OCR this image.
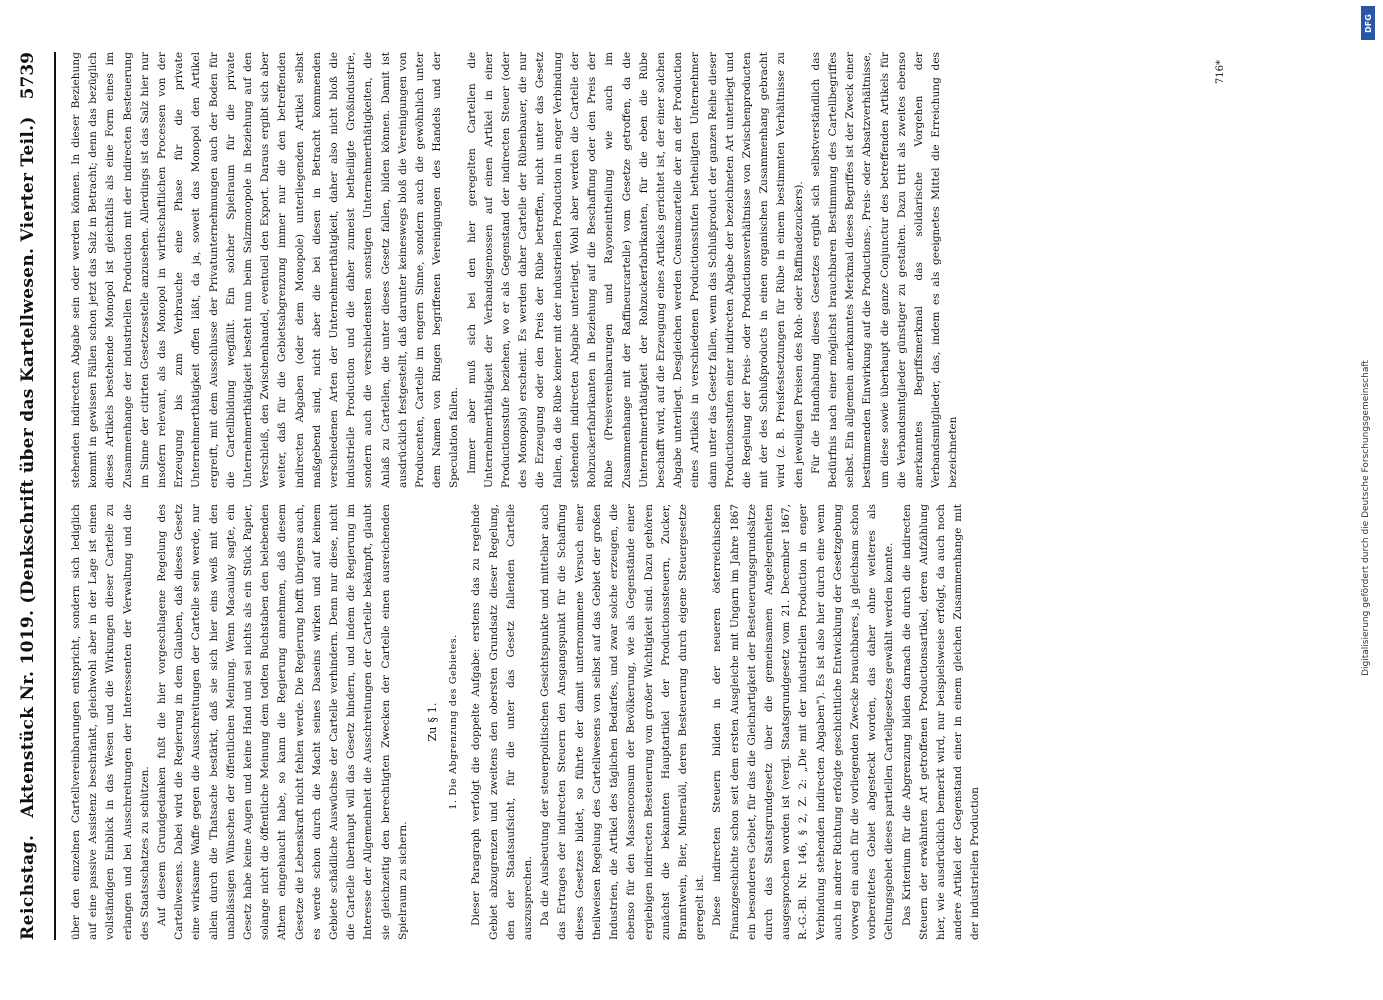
Reichstag.
Aktenstück Nr. 1019. (Denkschrift über das Kartellwesen. Vierter Teil.)
5739

über den einzelnen Cartellvereinbarungen entspricht, sondern sich lediglich auf eine passive Assistenz beschränkt, gleichwohl aber in der Lage ist einen vollständigen Einblick in das Wesen und die Wirkungen dieser Cartelle zu erlangen und bei Ausschreitungen der Interessenten der Verwaltung und die des Staatsschatzes zu schützen. Auf diesem Grundgedanken fußt die hier vorgeschlagene Regelung des Cartellwesens. Dabei wird die Regierung in dem Glauben, daß dieses Gesetz eine wirksame Waffe gegen die Ausschreitungen der Cartelle sein werde, nur allein durch die Thatsache bestärkt, daß sie sich hier eins weiß mit den unablässigen Wünschen der öffentlichen Meinung. Wenn Macaulay sagte, ein Gesetz habe keine Augen und keine Hand und sei nichts als ein Stück Papier, solange nicht die öffentliche Meinung dem todten Buchstaben den belebenden Athem eingehaucht habe, so kann die Regierung annehmen, daß diesem Gesetze die Lebenskraft nicht fehlen werde. Die Regierung hofft übrigens auch, es werde schon durch die Macht seines Daseins wirken und auf keinem Gebiete schädliche Auswüchse der Cartelle verhindern. Denn nur diese, nicht die Cartelle überhaupt will das Gesetz hindern, und indem die Regierung im Interesse der Allgemeinheit die Ausschreitungen der Cartelle bekämpft, glaubt sie gleichzeitig den berechtigten Zwecken der Cartelle einen ausreichenden Spielraum zu sichern.

Zu § 1. 1. Die Abgrenzung des Gebietes.	Dieser Paragraph verfolgt die doppelte Aufgabe: erstens das zu regelnde Gebiet abzugrenzen und zweitens den obersten Grundsatz dieser Regelung, den der Staatsaufsicht, für die unter das Gesetz fallenden Cartelle auszusprechen. Da die Ausbeutung der steuerpolitischen Gesichtspunkte und mittelbar auch das Ertrages der indirecten Steuern den Ansgangspunkt für die Schaffung dieses Gesetzes bildet, so führte der damit unternommene Versuch einer theilweisen Regelung des Cartellwesens von selbst auf das Gebiet der großen Industrien, die Artikel des täglichen Bedarfes, und zwar solche erzeugen, die ebenso für den Massenconsum der Bevölkerung, wie als Gegenstände einer ergiebigen indirecten Besteuerung von großer Wichtigkeit sind. Dazu gehören zunächst die bekannten Hauptartikel der Productionssteuern, Zucker, Branntwein, Bier, Mineralöl, deren Besteuerung durch eigene Steuergesetze geregelt ist. Diese indirecten Steuern bilden in der neueren österreichischen Finanzgeschichte schon seit dem ersten Ausgleiche mit Ungarn im Jahre 1867 ein besonderes Gebiet, für das die Gleichartigkeit der Besteuerungsgrundsätze durch das Staatsgrundgesetz über die gemeinsamen Angelegenheiten ausgesprochen worden ist (vergl. Staatsgrundgesetz vom 21. December 1867, R.-G.-Bl. Nr. 146, § 2, Z. 2: „Die mit der industriellen Production in enger Verbindung stehenden indirecten Abgaben"). Es ist also hier durch eine wenn auch in andrer Richtung erfolgte geschichtliche Entwicklung der Gesetzgebung vorweg ein auch für die vorliegenden Zwecke brauchbares, ja gleichsam schon vorbereitetes Gebiet abgesteckt worden, das daher ohne weiteres als Geltungsgebiet dieses partiellen Cartellgesetzes gewählt werden konnte. Das Kriterium für die Abgrenzung bilden darnach die durch die indirecten Steuern der erwähnten Art getroffenen Productionsartikel, deren Aufzählung hier, wie ausdrücklich bemerkt wird, nur beispielsweise erfolgt, da auch noch andere Artikel der Gegenstand einer in einem gleichen Zusammenhange mit der industriellen Production

stehenden indirecten Abgabe sein oder werden können. In dieser Beziehung kommt in gewissen Fällen schon jetzt das Salz in Betracht; denn das bezüglich dieses Artikels bestehende Monopol ist gleichfalls als eine Form eines im Zusammenhange der industriellen Production mit der indirecten Besteuerung im Sinne der citirten Gesetzesstelle anzusehen. Allerdings ist das Salz hier nur insofern relevant, als das Monopol in wirthschaftlichen Processen von der Erzeugung bis zum Verbrauche eine Phase für die private Unternehmerthätigkeit offen läßt, da ja, soweit das Monopol den Artikel ergreift, mit dem Ausschlusse der Privatunternehmungen auch der Boden für die Cartellbildung wegfällt. Ein solcher Spielraum für die private Unternehmerthätigkeit besteht nun beim Salzmonopole in Beziehung auf den Verschleiß, den Zwischenhandel, eventuell den Export. Daraus ergibt sich aber weiter, daß für die Gebietsabgrenzung immer nur die den betreffenden indirecten Abgaben (oder dem Monopole) unterliegenden Artikel selbst maßgebend sind, nicht aber die bei diesen in Betracht kommenden verschiedenen Arten der Unternehmerthätigkeit, daher also nicht bloß die industrielle Production und die daher zumeist betheiligte Großindustrie, sondern auch die verschiedensten sonstigen Unternehmerthätigkeiten, die Anlaß zu Cartellen, die unter dieses Gesetz fallen, bilden können. Damit ist ausdrücklich festgestellt, daß darunter keineswegs bloß die Vereinigungen von Producenten, Cartelle im engern Sinne, sondern auch die gewöhnlich unter dem Namen von Ringen begriffenen Vereinigungen des Handels und der Speculation fallen. Immer aber muß sich bei den hier geregelten Cartellen die Unternehmerthätigkeit der Verbandsgenossen auf einen Artikel in einer Productionsstufe beziehen, wo er als Gegenstand der indirecten Steuer (oder des Monopols) erscheint. Es werden daher Cartelle der Rübenbauer, die nur die Erzeugung oder den Preis der Rübe betreffen, nicht unter das Gesetz fallen, da die Rübe keiner mit der industriellen Production in enger Verbindung stehenden indirecten Abgabe unterliegt. Wohl aber werden die Cartelle der Rohzuckerfabrikanten in Beziehung auf die Beschaffung oder den Preis der Rübe (Preisvereinbarungen und Rayoneintheilung wie auch im Zusammenhange mit der Raffineurcartelle) vom Gesetze getroffen, da die Unternehmerthätigkeit der Rohzuckerfabrikanten, für die eben die Rübe beschafft wird, auf die Erzeugung eines Artikels gerichtet ist, der einer solchen Abgabe unterliegt. Desgleichen werden Consumcartelle der an der Production eines Artikels in verschiedenen Productionsstufen betheiligten Unternehmer dann unter das Gesetz fallen, wenn das Schlußproduct der ganzen Reihe dieser Productionsstufen einer indirecten Abgabe der bezeichneten Art unterliegt und die Regelung der Preis- oder Productionsverhältnisse von Zwischenproducten mit der des Schlußproducts in einen organischen Zusammenhang gebracht wird (z. B. Preisfestsetzungen für Rübe in einem bestimmten Verhältnisse zu den jeweiligen Preisen des Roh- oder Raffinadezuckers). Für die Handhabung dieses Gesetzes ergibt sich selbstverständlich das Bedürfnis nach einer möglichst brauchbaren Bestimmung des Cartellbegriffes selbst. Ein allgemein anerkanntes Merkmal dieses Begriffes ist der Zweck einer bestimmenden Einwirkung auf die Productions-, Preis- oder Absatzverhältnisse, um diese sowie überhaupt die ganze Conjunctur des betreffenden Artikels für die Verbandsmitglieder günstiger zu gestalten. Dazu tritt als zweites ebenso anerkanntes Begriffsmerkmal das solidarische Vorgehen der Verbandsmitglieder, das, indem es als geeignetes Mittel die Erreichung des bezeichneten

716*
DFG
Digitalisierung gefördert durch die Deutsche Forschungsgemeinschaft
